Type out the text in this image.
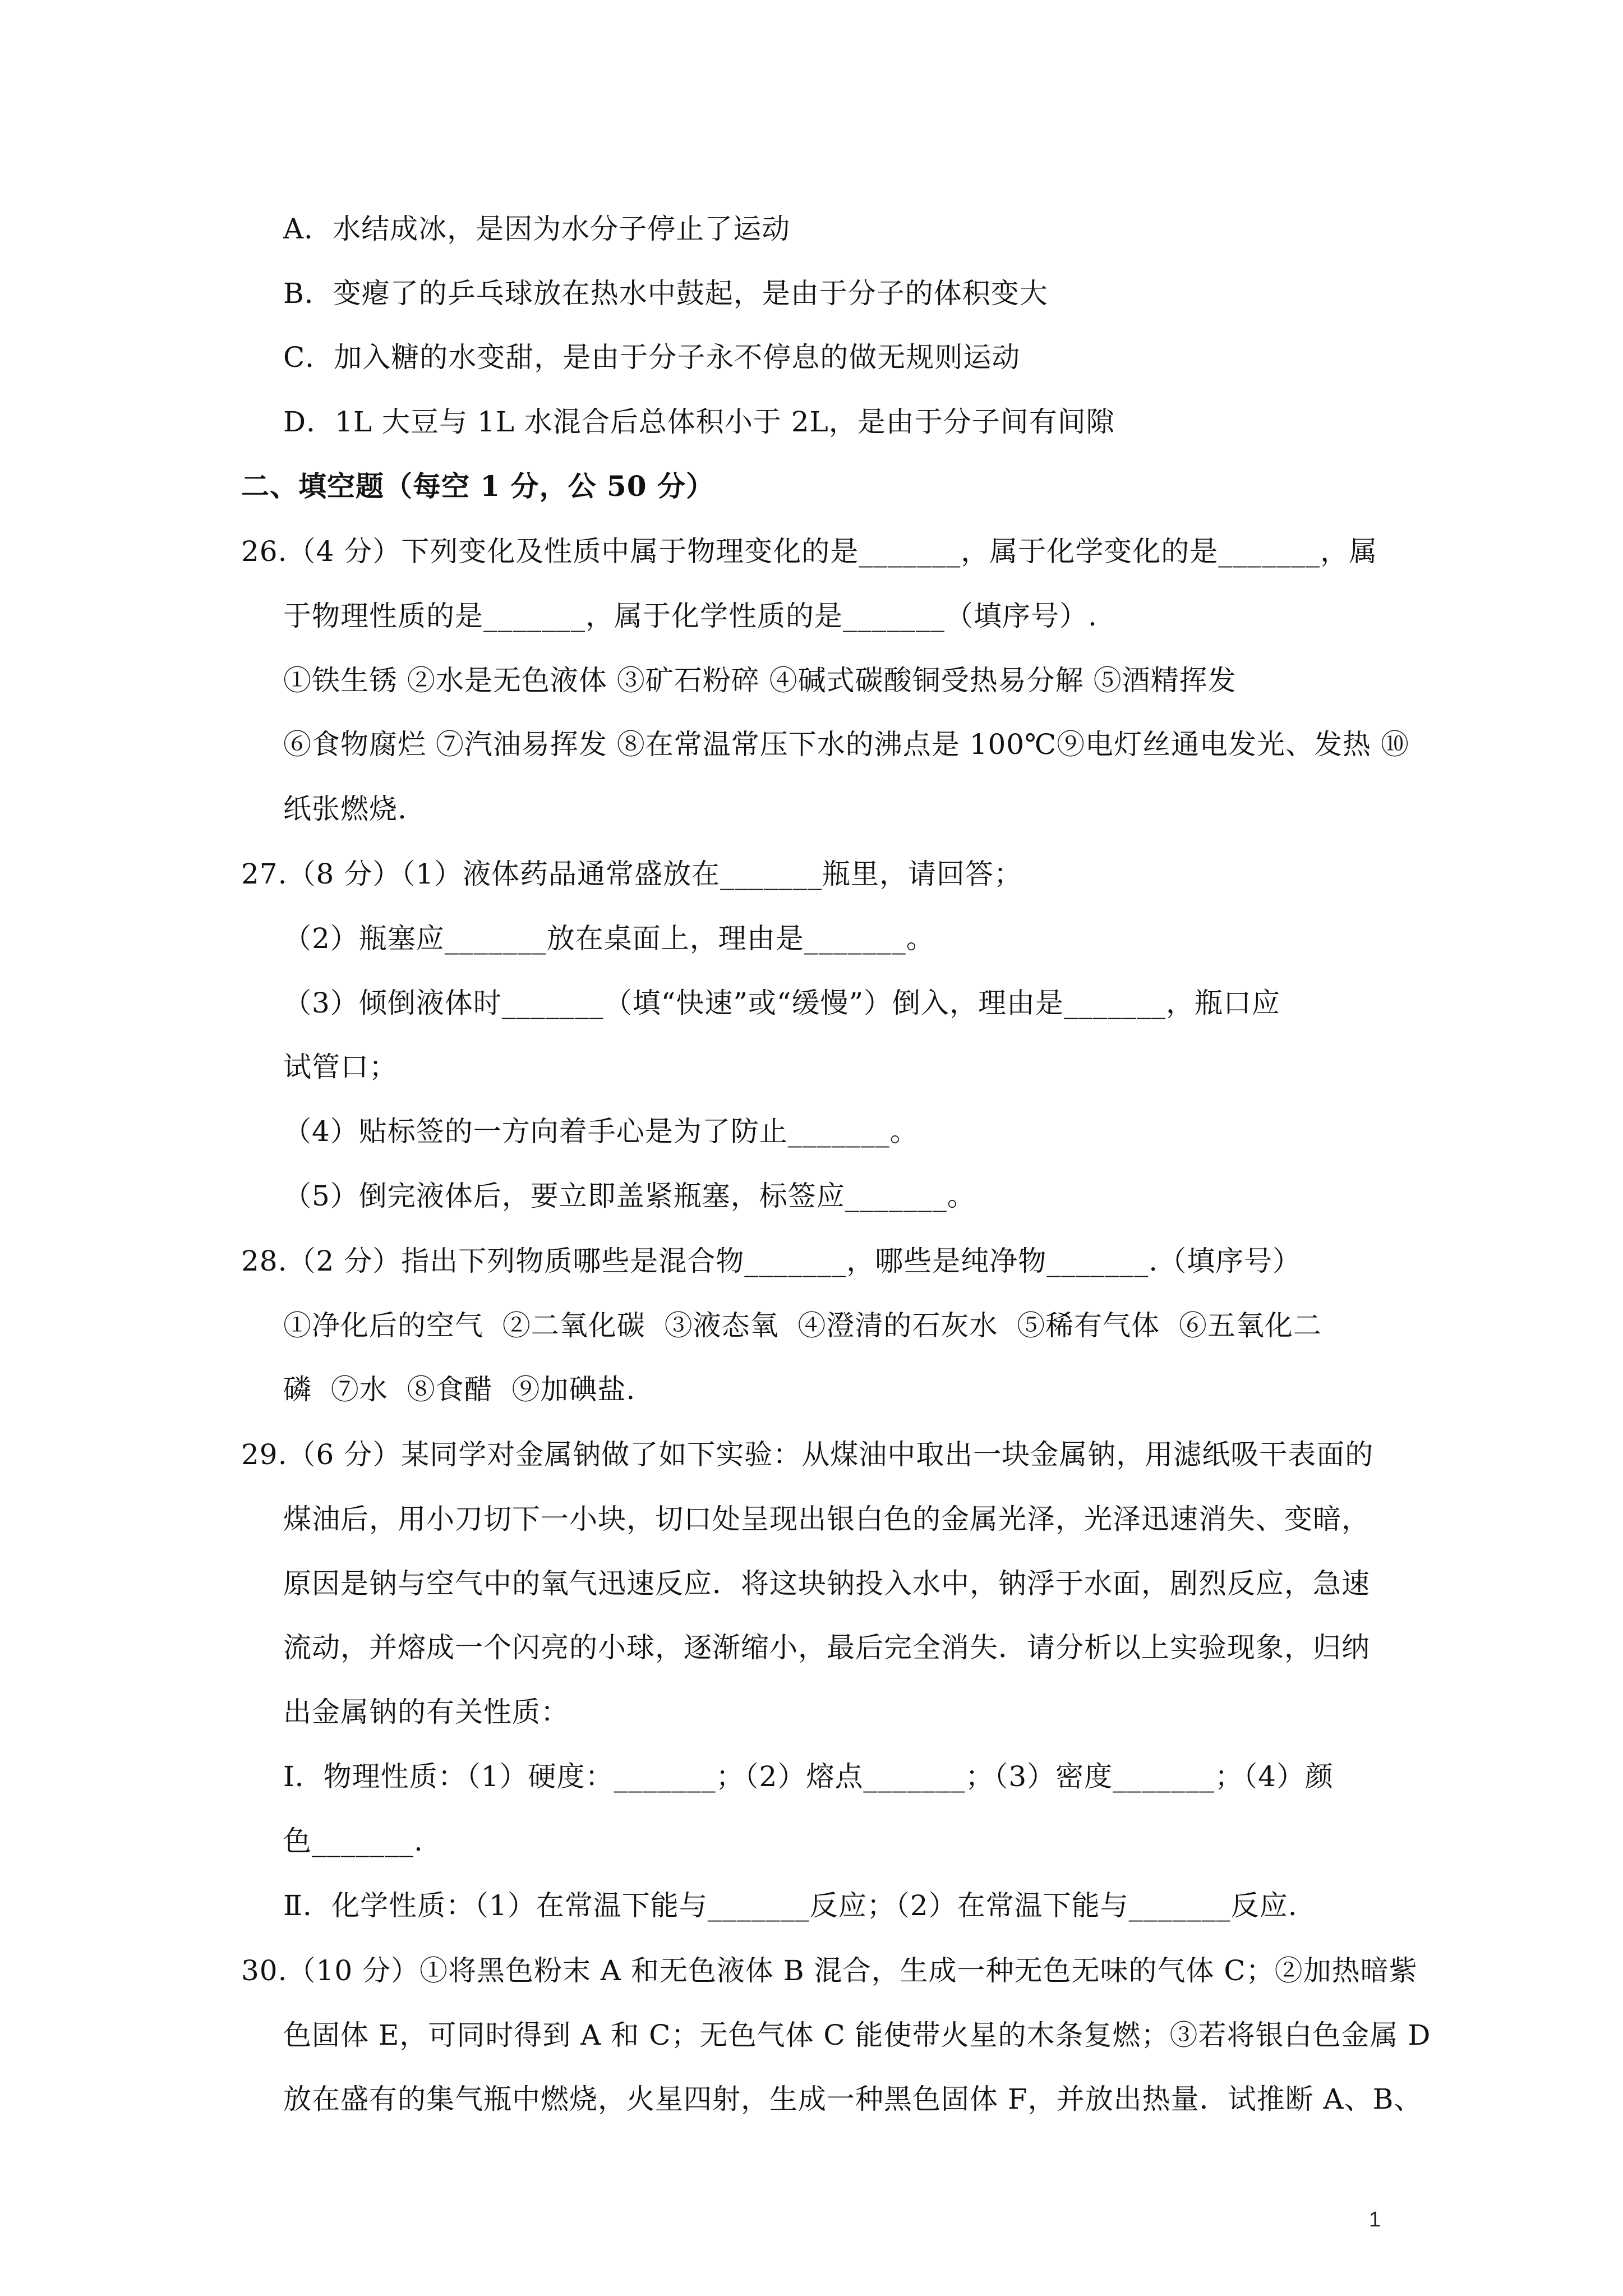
A．水结成冰，是因为水分子停止了运动
B．变瘪了的乒乓球放在热水中鼓起，是由于分子的体积变大
C．加入糖的水变甜，是由于分子永不停息的做无规则运动
D．1L 大豆与 1L 水混合后总体积小于 2L，是由于分子间有间隙
二、填空题（每空 1 分，公 50 分）
26.（4 分）下列变化及性质中属于物理变化的是_______，属于化学变化的是_______，属
于物理性质的是_______，属于化学性质的是_______（填序号）.
①铁生锈 ②水是无色液体 ③矿石粉碎 ④碱式碳酸铜受热易分解 ⑤酒精挥发
⑥食物腐烂 ⑦汽油易挥发 ⑧在常温常压下水的沸点是 100℃⑨电灯丝通电发光、发热 ⑩
纸张燃烧.
27.（8 分）（1）液体药品通常盛放在_______瓶里，请回答；
（2）瓶塞应_______放在桌面上，理由是_______。
（3）倾倒液体时_______（填“快速”或“缓慢”）倒入，理由是_______，瓶口应
试管口；
（4）贴标签的一方向着手心是为了防止_______。
（5）倒完液体后，要立即盖紧瓶塞，标签应_______。
28.（2 分）指出下列物质哪些是混合物_______，哪些是纯净物_______.（填序号）
①净化后的空气  ②二氧化碳  ③液态氧  ④澄清的石灰水  ⑤稀有气体  ⑥五氧化二
磷  ⑦水  ⑧食醋  ⑨加碘盐.
29.（6 分）某同学对金属钠做了如下实验：从煤油中取出一块金属钠，用滤纸吸干表面的
煤油后，用小刀切下一小块，切口处呈现出银白色的金属光泽，光泽迅速消失、变暗，
原因是钠与空气中的氧气迅速反应．将这块钠投入水中，钠浮于水面，剧烈反应，急速
流动，并熔成一个闪亮的小球，逐渐缩小，最后完全消失．请分析以上实验现象，归纳
出金属钠的有关性质：
I．物理性质：（1）硬度：_______；（2）熔点_______；（3）密度_______；（4）颜
色_______.
Ⅱ．化学性质：（1）在常温下能与_______反应；（2）在常温下能与_______反应.
30.（10 分）①将黑色粉末 A 和无色液体 B 混合，生成一种无色无味的气体 C；②加热暗紫
色固体 E，可同时得到 A 和 C；无色气体 C 能使带火星的木条复燃；③若将银白色金属 D
放在盛有的集气瓶中燃烧，火星四射，生成一种黑色固体 F，并放出热量．试推断 A、B、
1
